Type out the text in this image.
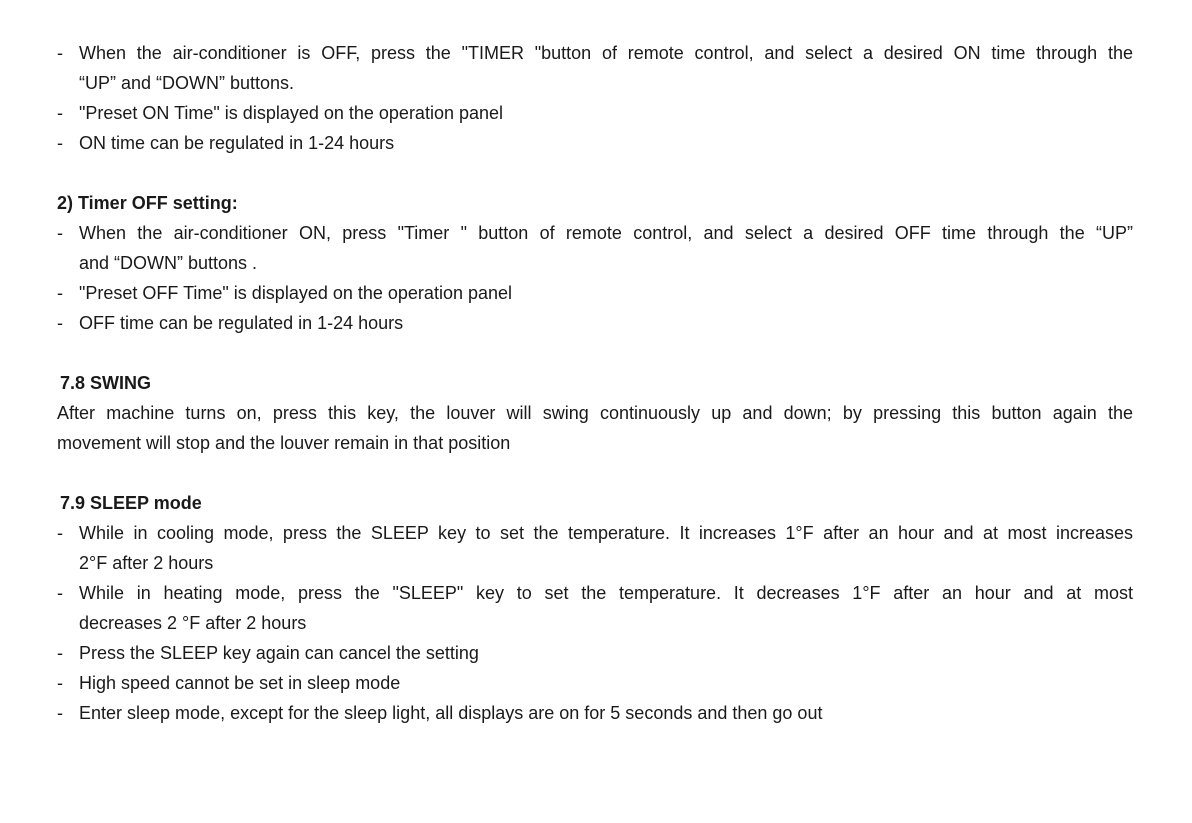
- When the air-conditioner is OFF, press the "TIMER "button of remote control, and select a desired ON time through the
“UP” and “DOWN” buttons.
- "Preset ON Time" is displayed on the operation panel
- ON time can be regulated in 1-24 hours
2) Timer OFF setting:
- When the air-conditioner ON, press "Timer " button of remote control, and select a desired OFF time through the “UP”
and “DOWN” buttons .
- "Preset OFF Time" is displayed on the operation panel
- OFF time can be regulated in 1-24 hours
7.8 SWING
After machine turns on, press this key, the louver will swing continuously up and down; by pressing this button again the
movement will stop and the louver remain in that position
7.9 SLEEP mode
- While in cooling mode, press the SLEEP key to set the temperature. It increases 1°F after an hour and at most increases
2°F after 2 hours
- While in heating mode, press the "SLEEP" key to set the temperature. It decreases 1°F after an hour and at most
decreases 2 °F after 2 hours
- Press the SLEEP key again can cancel the setting
- High speed cannot be set in sleep mode
- Enter sleep mode, except for the sleep light, all displays are on for 5 seconds and then go out
